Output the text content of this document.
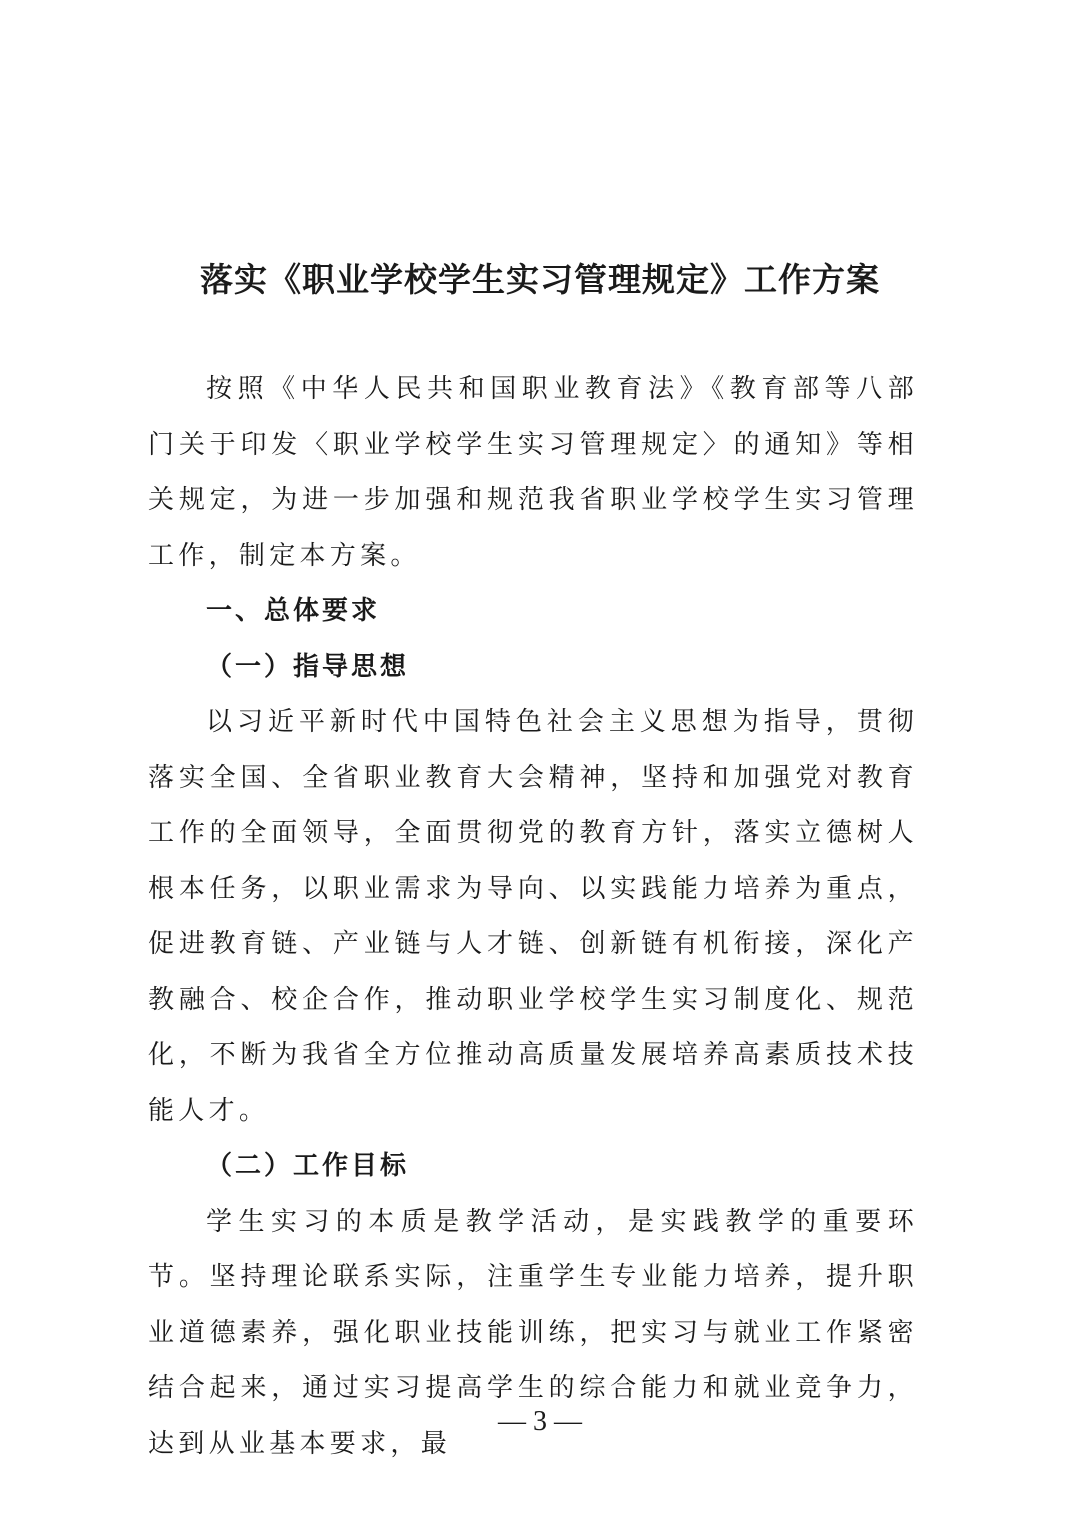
落实《职业学校学生实习管理规定》工作方案

按照《中华人民共和国职业教育法》《教育部等八部门关于印发〈职业学校学生实习管理规定〉的通知》等相关规定，为进一步加强和规范我省职业学校学生实习管理工作，制定本方案。

一、总体要求

（一）指导思想

以习近平新时代中国特色社会主义思想为指导，贯彻落实全国、全省职业教育大会精神，坚持和加强党对教育工作的全面领导，全面贯彻党的教育方针，落实立德树人根本任务，以职业需求为导向、以实践能力培养为重点，促进教育链、产业链与人才链、创新链有机衔接，深化产教融合、校企合作，推动职业学校学生实习制度化、规范化，不断为我省全方位推动高质量发展培养高素质技术技能人才。

（二）工作目标

学生实习的本质是教学活动，是实践教学的重要环节。坚持理论联系实际，注重学生专业能力培养，提升职业道德素养，强化职业技能训练，把实习与就业工作紧密结合起来，通过实习提高学生的综合能力和就业竞争力，达到从业基本要求，最

— 3 —
